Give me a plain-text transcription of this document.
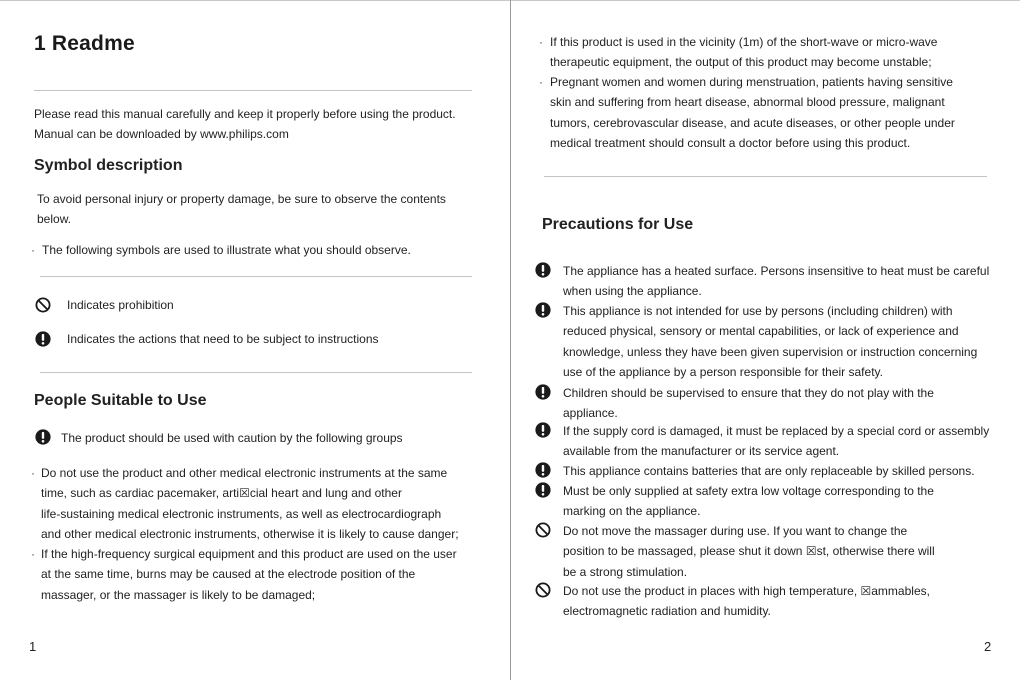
1 Readme
Please read this manual carefully and keep it properly before using the product.
Manual can be downloaded by www.philips.com
Symbol description
To avoid personal injury or property damage, be sure to observe the contents
below.
· The following symbols are used to illustrate what you should observe.
Indicates prohibition
Indicates the actions that need to be subject to instructions
People Suitable to Use
The product should be used with caution by the following groups
· Do not use the product and other medical electronic instruments at the same
time, such as cardiac pacemaker, arti☒cial heart and lung and other
life-sustaining medical electronic instruments, as well as electrocardiograph
and other medical electronic instruments, otherwise it is likely to cause danger;
· If the high-frequency surgical equipment and this product are used on the user
at the same time, burns may be caused at the electrode position of the
massager, or the massager is likely to be damaged;
1
· If this product is used in the vicinity (1m) of the short-wave or micro-wave
therapeutic equipment, the output of this product may become unstable;
· Pregnant women and women during menstruation, patients having sensitive
skin and suffering from heart disease, abnormal blood pressure, malignant
tumors, cerebrovascular disease, and acute diseases, or other people under
medical treatment should consult a doctor before using this product.
Precautions for Use
The appliance has a heated surface. Persons insensitive to heat must be careful
when using the appliance.
This appliance is not intended for use by persons (including children) with
reduced physical, sensory or mental capabilities, or lack of experience and
knowledge, unless they have been given supervision or instruction concerning
use of the appliance by a person responsible for their safety.
Children should be supervised to ensure that they do not play with the
appliance.
If the supply cord is damaged, it must be replaced by a special cord or assembly
available from the manufacturer or its service agent.
This appliance contains batteries that are only replaceable by skilled persons.
Must be only supplied at safety extra low voltage corresponding to the
marking on the appliance.
Do not move the massager during use. If you want to change the
position to be massaged, please shut it down ☒st, otherwise there will
be a strong stimulation.
Do not use the product in places with high temperature, ☒ammables,
electromagnetic radiation and humidity.
2
